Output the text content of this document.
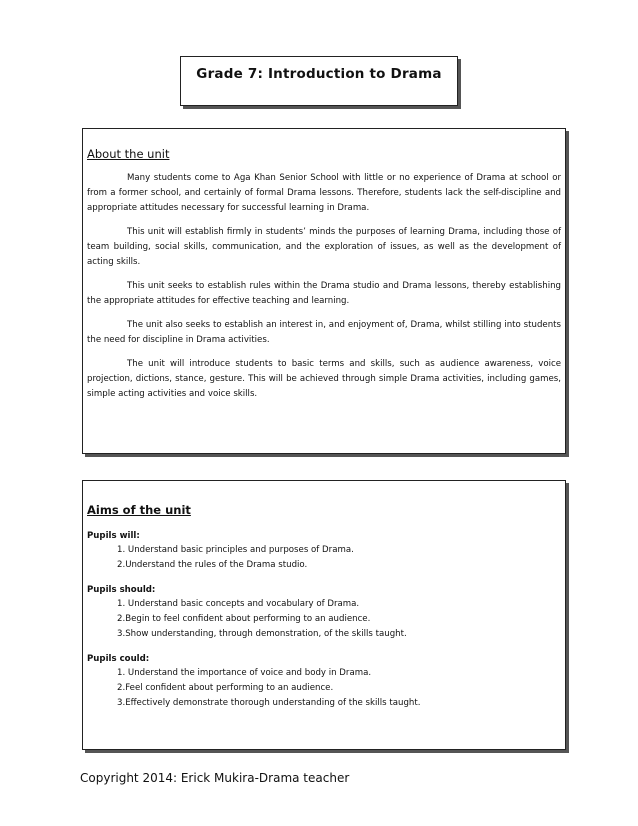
Grade 7: Introduction to Drama

About the unit

Many students come to Aga Khan Senior School with little or no experience of Drama at school or from a former school, and certainly of formal Drama lessons. Therefore, students lack the self-discipline and appropriate attitudes necessary for successful learning in Drama.

This unit will establish firmly in students’ minds the purposes of learning Drama, including those of team building, social skills, communication, and the exploration of issues, as well as the development of acting skills.

This unit seeks to establish rules within the Drama studio and Drama lessons, thereby establishing the appropriate attitudes for effective teaching and learning.

The unit also seeks to establish an interest in, and enjoyment of, Drama, whilst stilling into students the need for discipline in Drama activities.

The unit will introduce students to basic terms and skills, such as audience awareness, voice projection, dictions, stance, gesture. This will be achieved through simple Drama activities, including games, simple acting activities and voice skills.

Aims of the unit

Pupils will:

1. Understand basic principles and purposes of Drama.

2.Understand the rules of the Drama studio.

Pupils should:

1. Understand basic concepts and vocabulary of Drama.

2.Begin to feel confident about performing to an audience.

3.Show understanding, through demonstration, of the skills taught.

Pupils could:

1. Understand the importance of voice and body in Drama.

2.Feel confident about performing to an audience.

3.Effectively demonstrate thorough understanding of the skills taught.

Copyright 2014: Erick Mukira-Drama teacher
